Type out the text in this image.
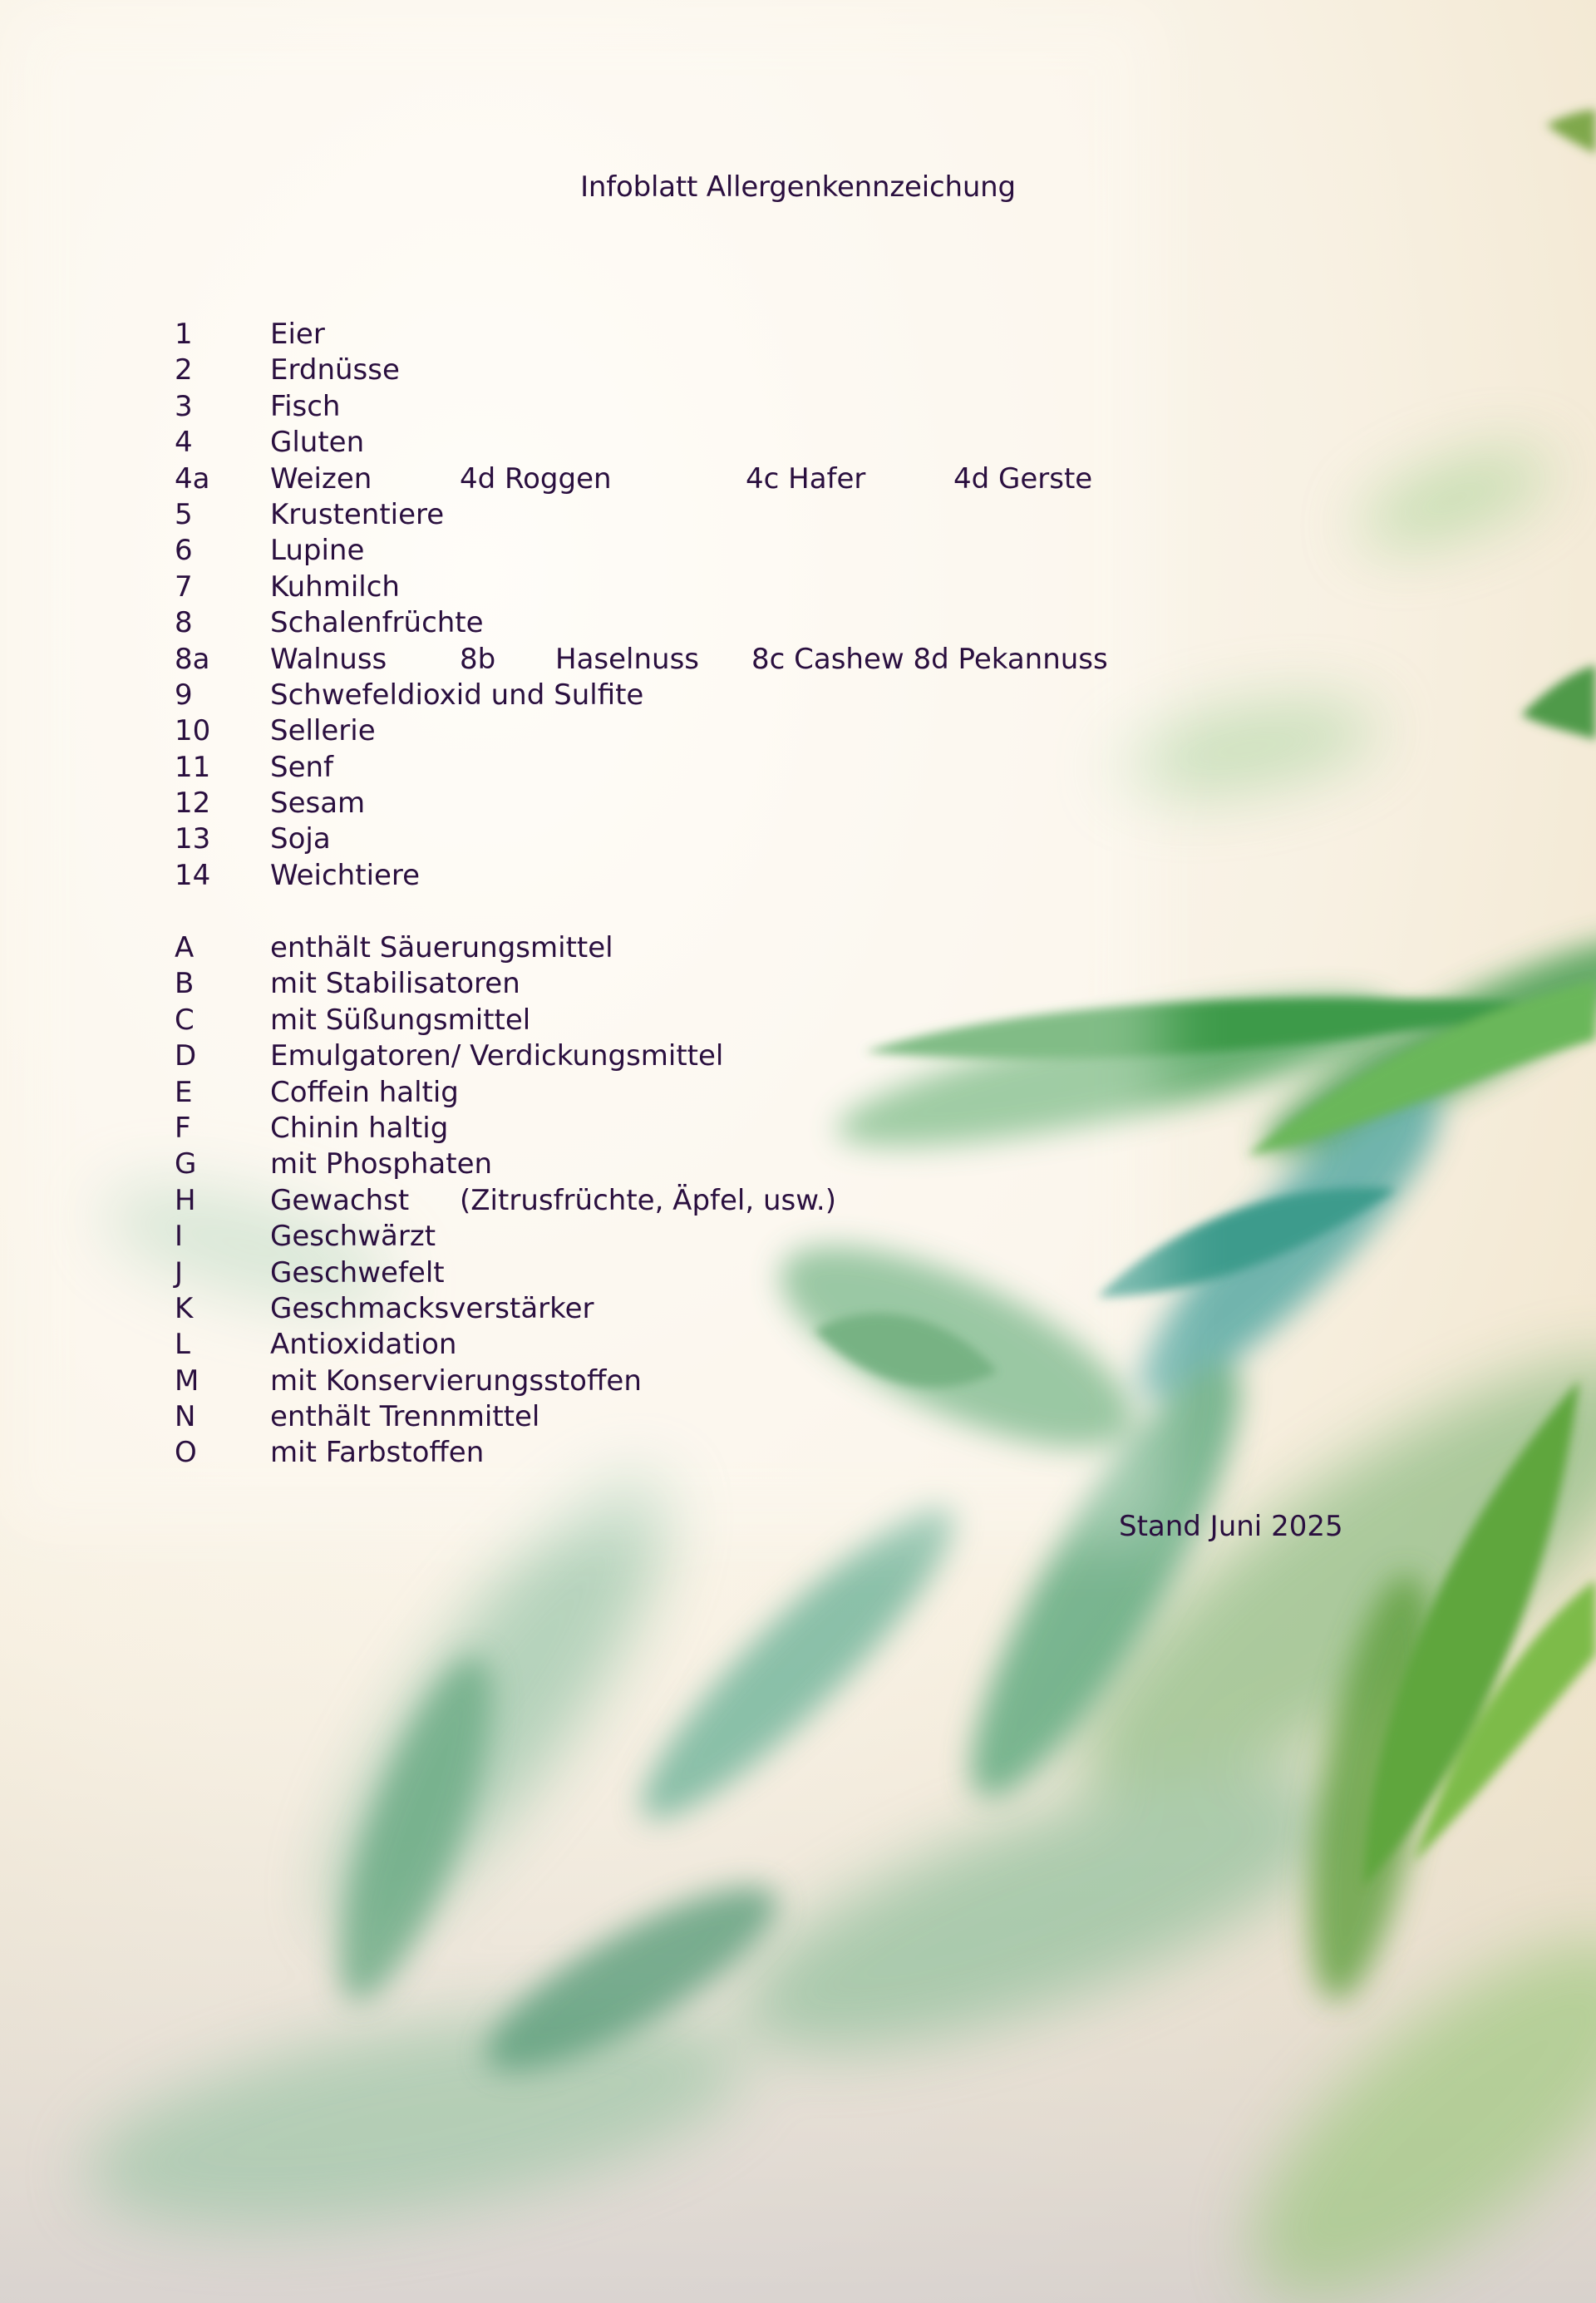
Infoblatt Allergenkennzeichung
1	Eier
2	Erdnüsse
3	Fisch
4	Gluten
4a Weizen	4d Roggen	4c Hafer	4d Gerste
5	Krustentiere
6	Lupine
7	Kuhmilch
8	Schalenfrüchte
8a Walnuss	8b Haselnuss 8c Cashew 8d Pekannuss
9	Schwefeldioxid und Sulfite
10 Sellerie
11 Senf
12 Sesam
13 Soja
14 Weichtiere
A	enthält Säuerungsmittel
B	mit Stabilisatoren
C	mit Süßungsmittel
D	Emulgatoren/ Verdickungsmittel
E	Coffein haltig
F	Chinin haltig
G	mit Phosphaten
H	Gewachst (Zitrusfrüchte, Äpfel, usw.)
I	Geschwärzt
J	Geschwefelt
K	Geschmacksverstärker
L	Antioxidation
M	mit Konservierungsstoffen
N	enthält Trennmittel
O	mit Farbstoffen
Stand Juni 2025
